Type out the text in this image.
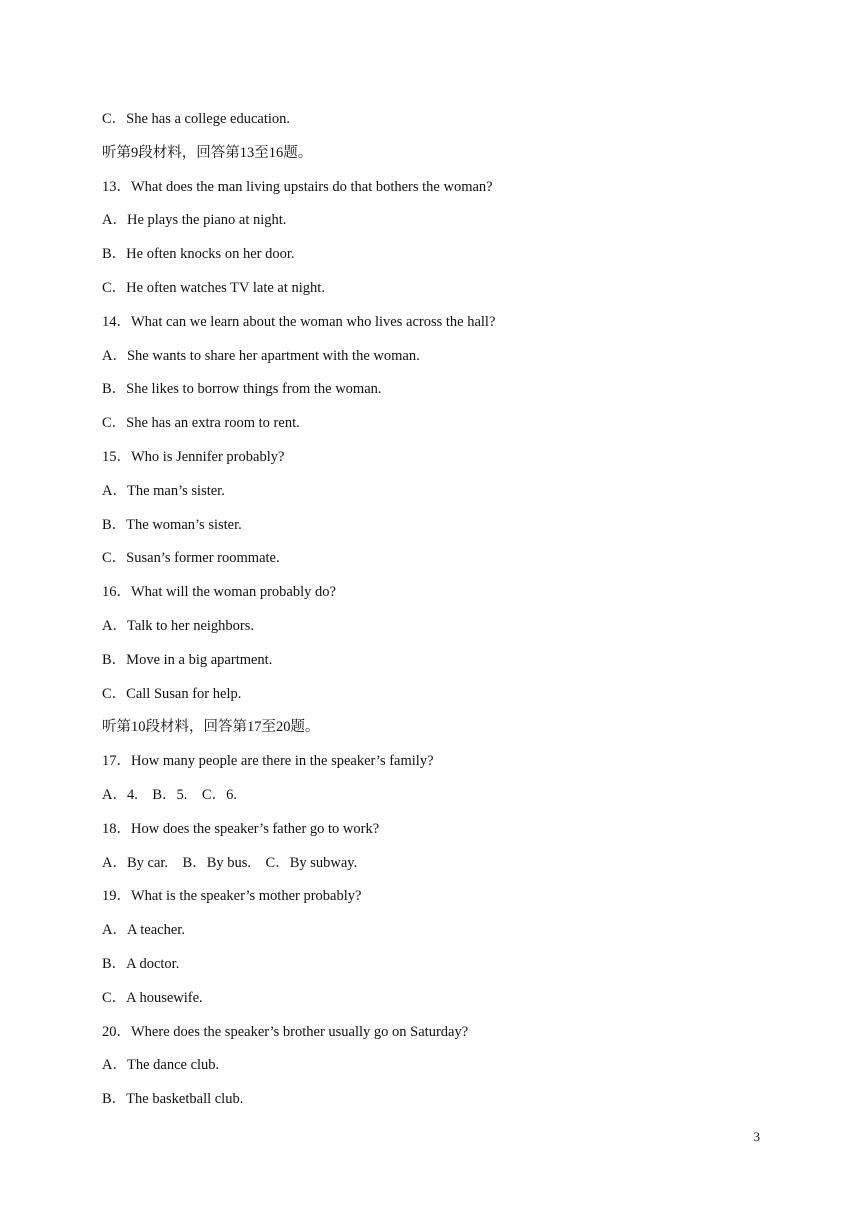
C．She has a college education.
听第9段材料，回答第13至16题。
13．What does the man living upstairs do that bothers the woman?
A．He plays the piano at night.
B．He often knocks on her door.
C．He often watches TV late at night.
14．What can we learn about the woman who lives across the hall?
A．She wants to share her apartment with the woman.
B．She likes to borrow things from the woman.
C．She has an extra room to rent.
15．Who is Jennifer probably?
A．The man’s sister.
B．The woman’s sister.
C．Susan’s former roommate.
16．What will the woman probably do?
A．Talk to her neighbors.
B．Move in a big apartment.
C．Call Susan for help.
听第10段材料，回答第17至20题。
17．How many people are there in the speaker’s family?
A．4.　B．5.　C．6.
18．How does the speaker’s father go to work?
A．By car.　B．By bus.　C．By subway.
19．What is the speaker’s mother probably?
A．A teacher.
B．A doctor.
C．A housewife.
20．Where does the speaker’s brother usually go on Saturday?
A．The dance club.
B．The basketball club.
3
